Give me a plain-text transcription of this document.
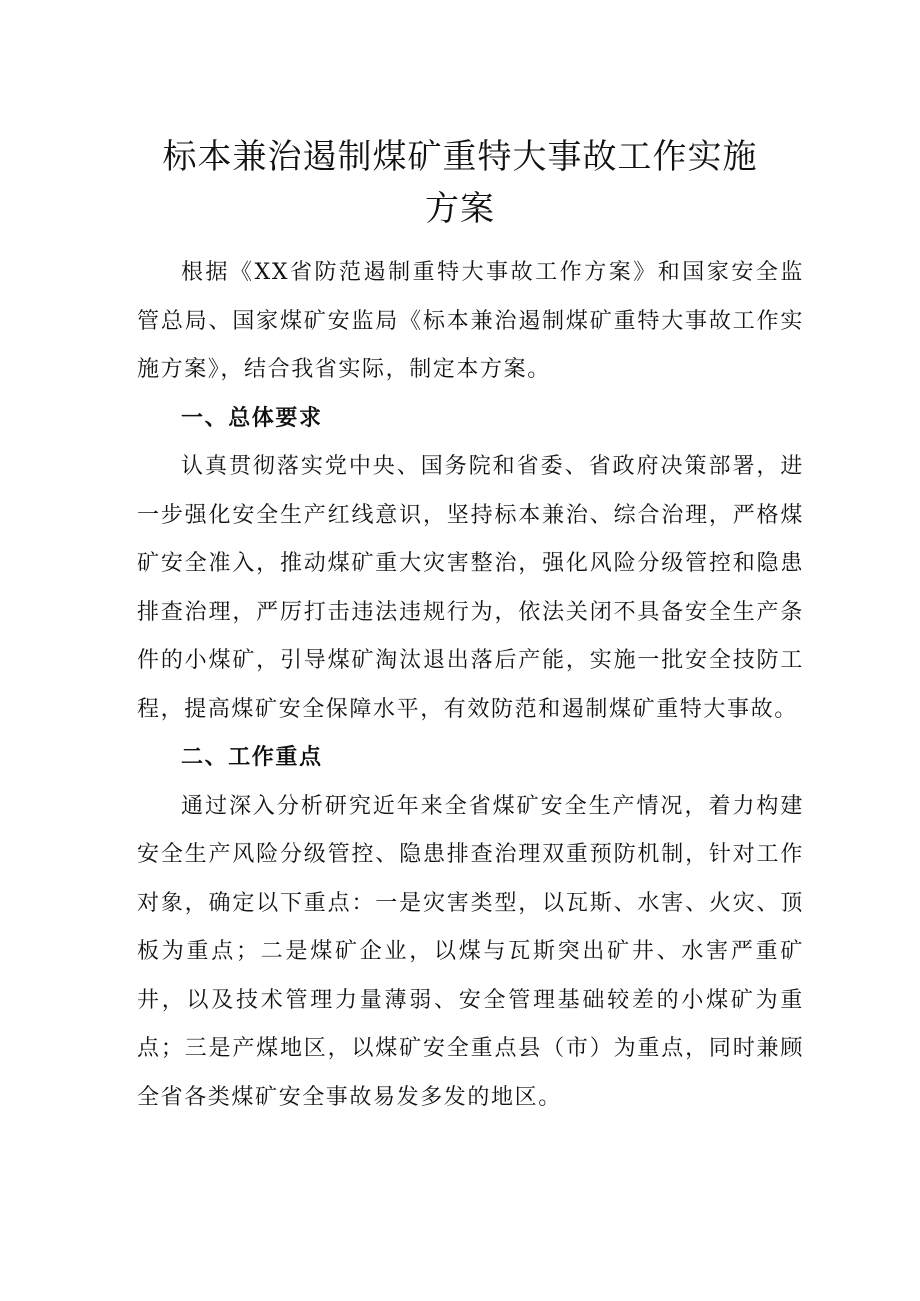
标本兼治遏制煤矿重特大事故工作实施方案

根据《XX省防范遏制重特大事故工作方案》和国家安全监管总局、国家煤矿安监局《标本兼治遏制煤矿重特大事故工作实施方案》，结合我省实际，制定本方案。

一、总体要求

认真贯彻落实党中央、国务院和省委、省政府决策部署，进一步强化安全生产红线意识，坚持标本兼治、综合治理，严格煤矿安全准入，推动煤矿重大灾害整治，强化风险分级管控和隐患排查治理，严厉打击违法违规行为，依法关闭不具备安全生产条件的小煤矿，引导煤矿淘汰退出落后产能，实施一批安全技防工程，提高煤矿安全保障水平，有效防范和遏制煤矿重特大事故。

二、工作重点

通过深入分析研究近年来全省煤矿安全生产情况，着力构建安全生产风险分级管控、隐患排查治理双重预防机制，针对工作对象，确定以下重点：一是灾害类型，以瓦斯、水害、火灾、顶板为重点；二是煤矿企业，以煤与瓦斯突出矿井、水害严重矿井，以及技术管理力量薄弱、安全管理基础较差的小煤矿为重点；三是产煤地区，以煤矿安全重点县（市）为重点，同时兼顾全省各类煤矿安全事故易发多发的地区。
